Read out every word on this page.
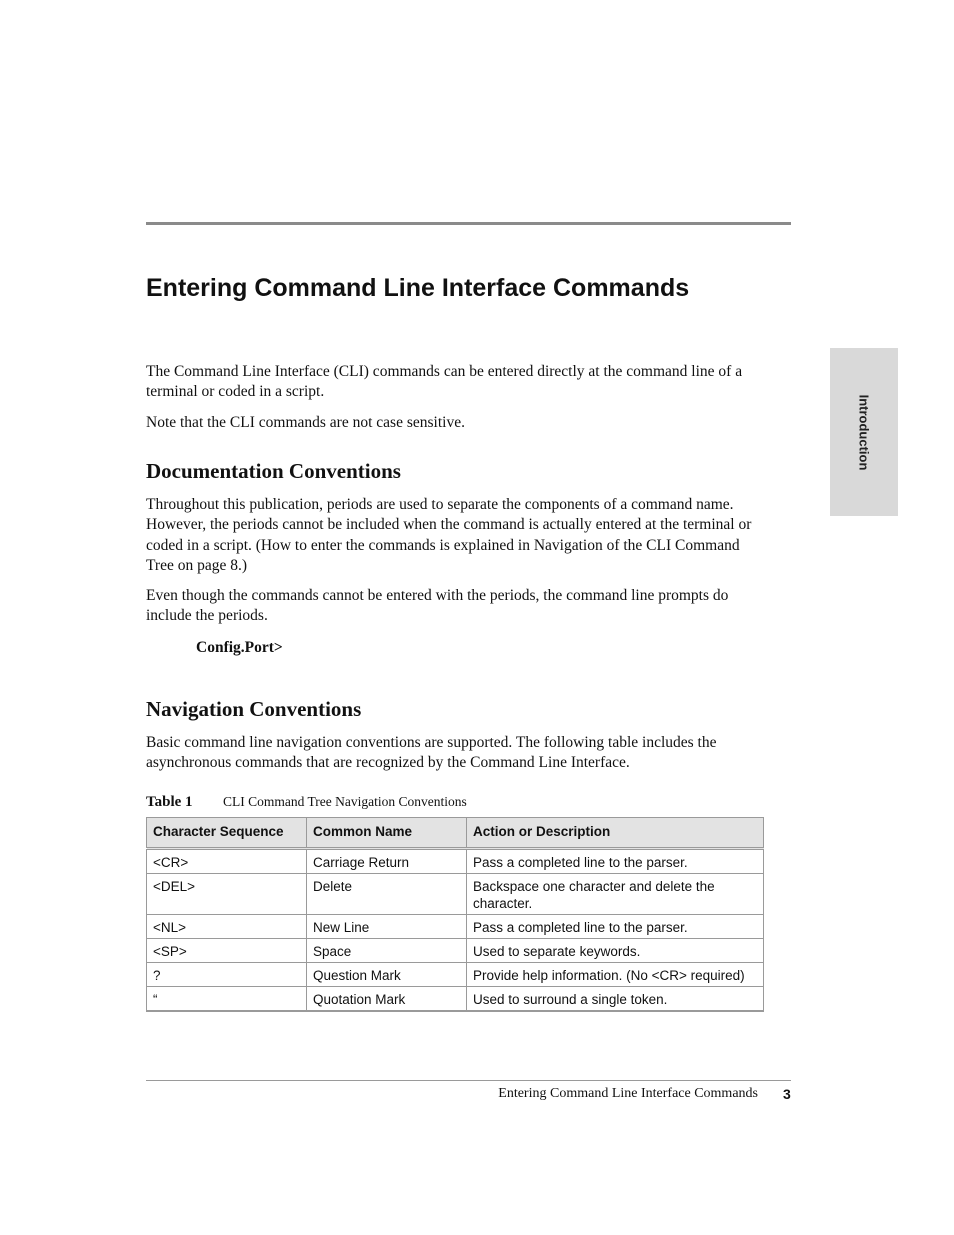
Entering Command Line Interface Commands
Introduction

The Command Line Interface (CLI) commands can be entered directly at the command line of a terminal or coded in a script.

Note that the CLI commands are not case sensitive.

Documentation Conventions

Throughout this publication, periods are used to separate the components of a command name. However, the periods cannot be included when the command is actually entered at the terminal or coded in a script. (How to enter the commands is explained in Navigation of the CLI Command Tree on page 8.)

Even though the commands cannot be entered with the periods, the command line prompts do include the periods.

Config.Port>

Navigation Conventions

Basic command line navigation conventions are supported. The following table includes the asynchronous commands that are recognized by the Command Line Interface.

Table 1 CLI Command Tree Navigation Conventions
Character Sequence	Common Name	Action or Description
<CR>	Carriage Return	Pass a completed line to the parser.
<DEL>	Delete	Backspace one character and delete the character.
<NL>	New Line	Pass a completed line to the parser.
<SP>	Space	Used to separate keywords.
?	Question Mark	Provide help information. (No <CR> required)
“	Quotation Mark	Used to surround a single token.
Entering Command Line Interface Commands 3
